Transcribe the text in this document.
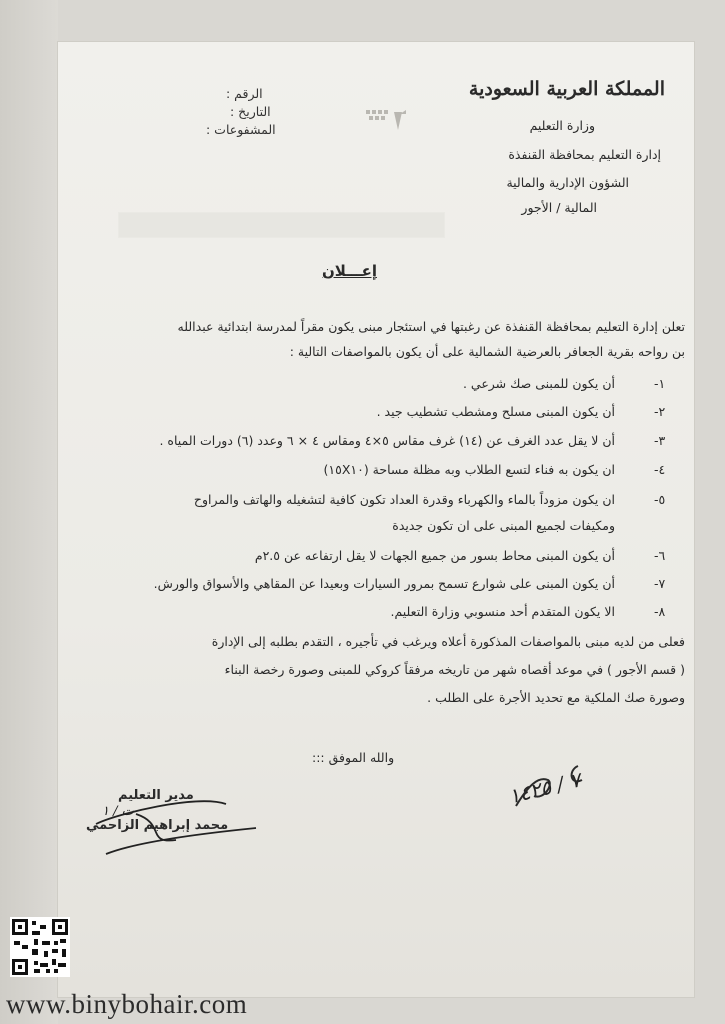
المملكة العربية السعودية
وزارة التعليم
إدارة التعليم بمحافظة القنفذة
الشؤون الإدارية والمالية
المالية / الأجور
الرقم :
التاريخ :
المشفوعات :
إعـــلان
تعلن إدارة التعليم بمحافظة القنفذة عن رغبتها في استئجار مبنى يكون مقراً لمدرسة ابتدائية عبدالله
بن رواحه بقرية الجعافر بالعرضية الشمالية على أن يكون بالمواصفات التالية :
-١
أن يكون للمبنى صك شرعي .
-٢
أن يكون المبنى مسلح ومشطب تشطيب جيد .
-٣
أن لا يقل عدد الغرف عن (١٤) غرف مقاس ٥×٤ ومقاس ٤ × ٦ وعدد (٦) دورات المياه .
-٤
ان يكون به فناء لتسع الطلاب وبه مظلة مساحة (١٥X١٠)
-٥
ان يكون مزوداً بالماء والكهرباء وقدرة العداد تكون كافية لتشغيله والهاتف والمراوح
ومكيفات لجميع المبنى على ان تكون جديدة
-٦
أن يكون المبنى محاط بسور من جميع الجهات لا يقل ارتفاعه عن ٢.٥م
-٧
أن يكون المبنى على شوارع تسمح بمرور السيارات وبعيدا عن المقاهي والأسواق والورش.
-٨
الا يكون المتقدم أحد منسوبي وزارة التعليم.
فعلى من لديه مبنى بالمواصفات المذكورة أعلاه ويرغب في تأجيره ، التقدم بطلبه إلى الإدارة
( قسم الأجور ) في موعد أقصاه شهر من تاريخه مرفقاً كروكي للمبنى وصورة رخصة البناء
وصورة صك الملكية مع تحديد الأجرة على الطلب .
والله الموفق :::
٧ / ١٤٢٥
مدير التعليم
محمد إبراهيم الزاحمي
ت / ١
www.binybohair.com
